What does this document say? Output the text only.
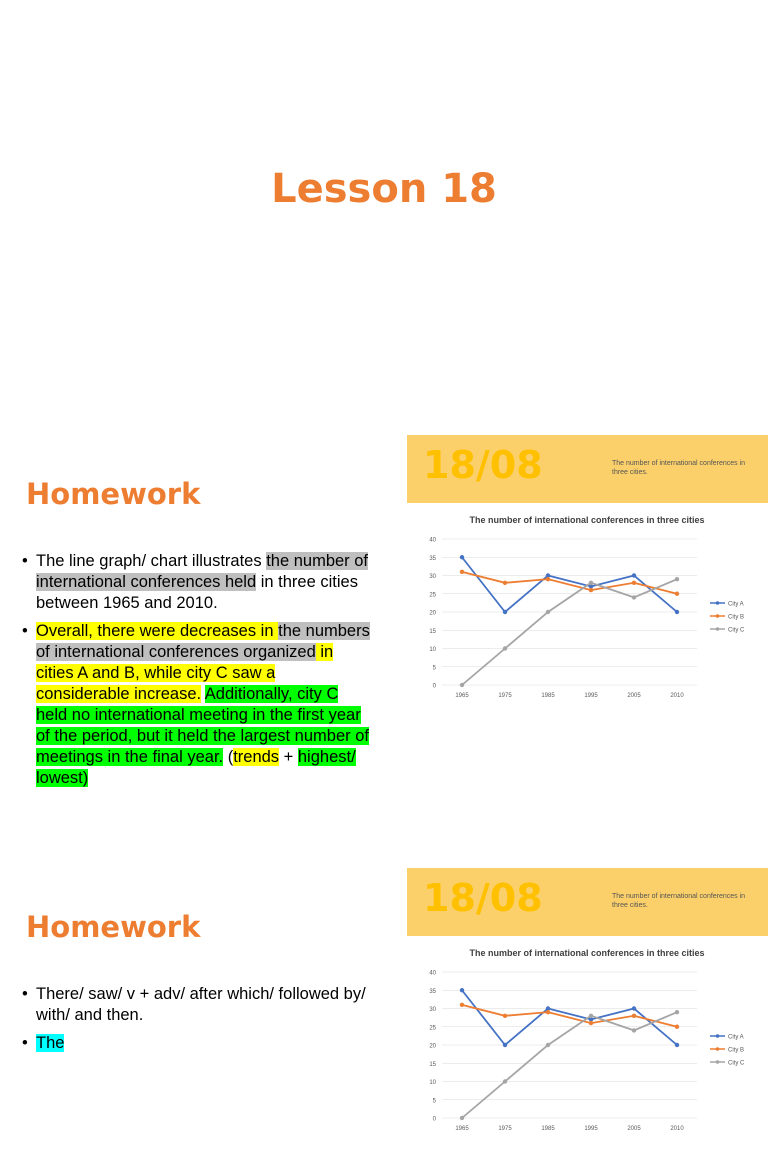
Lesson 18
Homework
• The line graph/ chart illustrates the number of international conferences held in three cities between 1965 and 2010.
• Overall, there were decreases in the numbers of international conferences organized in cities A and B, while city C saw a considerable increase. Additionally, city C held no international meeting in the first year of the period, but it held the largest number of meetings in the final year. (trends + highest/ lowest)
18/08	The number of international conferences in three cities.
The number of international conferences in three cities
0
5
10
15
20
25
30
35
40
1965	1975	1985	1995	2005	2010
City A
City B
City C
Homework
• There/ saw/ v + adv/ after which/ followed by/ with/ and then.
• The
18/08	The number of international conferences in three cities.
The number of international conferences in three cities
0
5
10
15
20
25
30
35
40
1965	1975	1985	1995	2005	2010
City A
City B
City C
